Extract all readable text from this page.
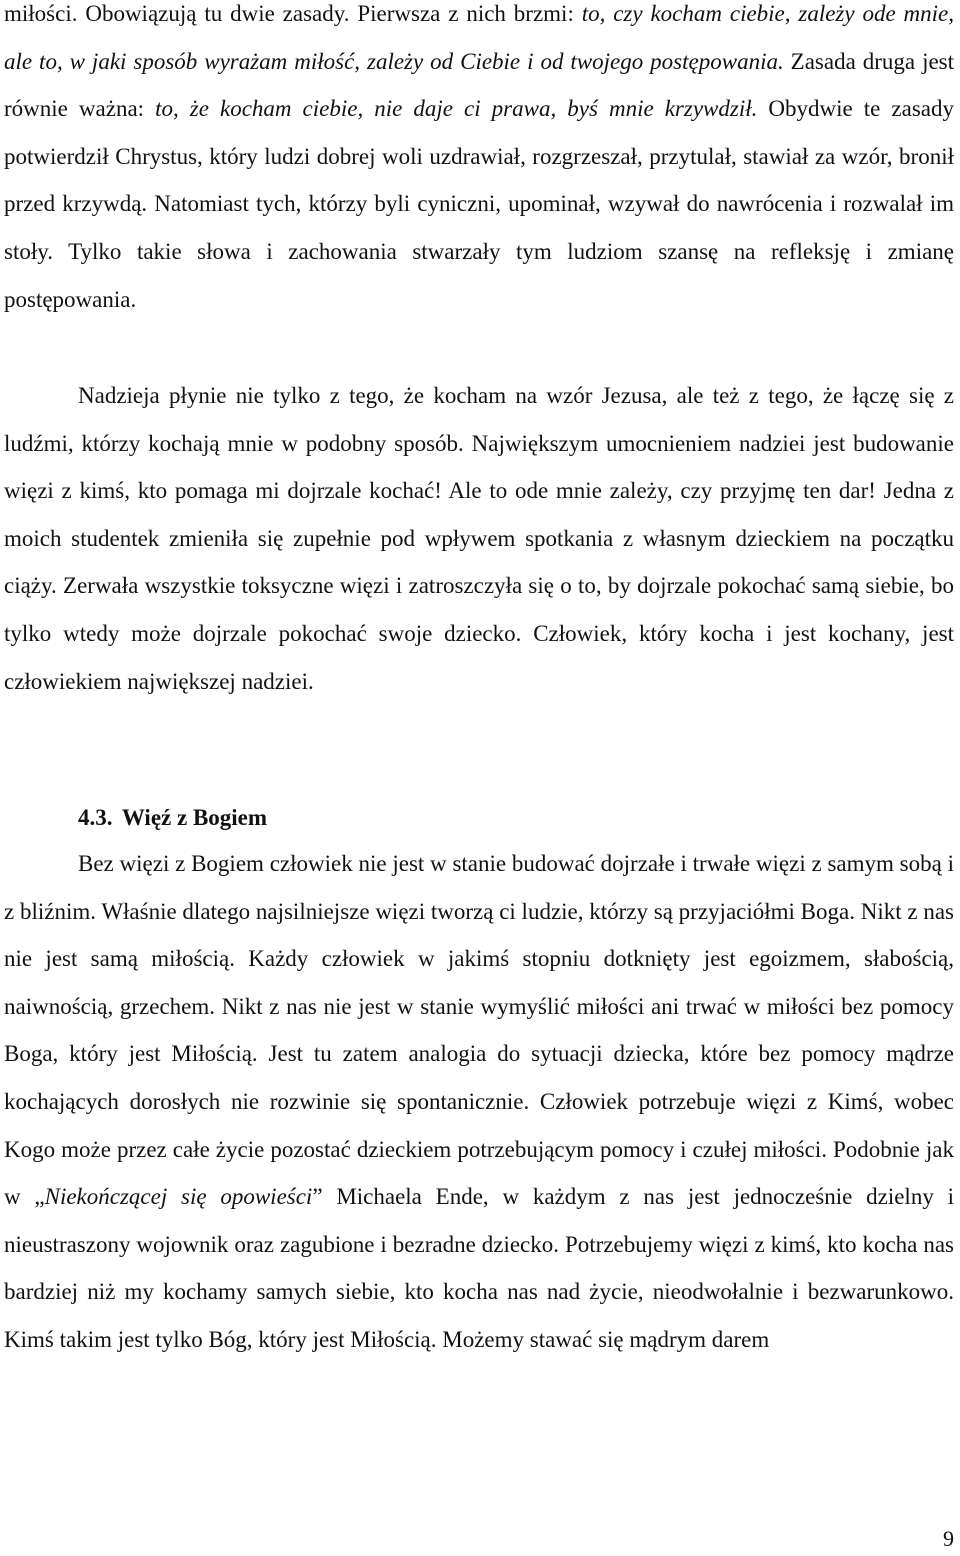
miłości. Obowiązują tu dwie zasady. Pierwsza z nich brzmi: to, czy kocham ciebie, zależy ode mnie, ale to, w jaki sposób wyrażam miłość, zależy od Ciebie i od twojego postępowania. Zasada druga jest równie ważna: to, że kocham ciebie, nie daje ci prawa, byś mnie krzywdził. Obydwie te zasady potwierdził Chrystus, który ludzi dobrej woli uzdrawiał, rozgrzeszał, przytulał, stawiał za wzór, bronił przed krzywdą. Natomiast tych, którzy byli cyniczni, upominał, wzywał do nawrócenia i rozwalał im stoły. Tylko takie słowa i zachowania stwarzały tym ludziom szansę na refleksję i zmianę postępowania.

Nadzieja płynie nie tylko z tego, że kocham na wzór Jezusa, ale też z tego, że łączę się z ludźmi, którzy kochają mnie w podobny sposób. Największym umocnieniem nadziei jest budowanie więzi z kimś, kto pomaga mi dojrzale kochać! Ale to ode mnie zależy, czy przyjmę ten dar! Jedna z moich studentek zmieniła się zupełnie pod wpływem spotkania z własnym dzieckiem na początku ciąży. Zerwała wszystkie toksyczne więzi i zatroszczyła się o to, by dojrzale pokochać samą siebie, bo tylko wtedy może dojrzale pokochać swoje dziecko. Człowiek, który kocha i jest kochany, jest człowiekiem największej nadziei.

4.3. Więź z Bogiem

Bez więzi z Bogiem człowiek nie jest w stanie budować dojrzałe i trwałe więzi z samym sobą i z bliźnim. Właśnie dlatego najsilniejsze więzi tworzą ci ludzie, którzy są przyjaciółmi Boga. Nikt z nas nie jest samą miłością. Każdy człowiek w jakimś stopniu dotknięty jest egoizmem, słabością, naiwnością, grzechem. Nikt z nas nie jest w stanie wymyślić miłości ani trwać w miłości bez pomocy Boga, który jest Miłością. Jest tu zatem analogia do sytuacji dziecka, które bez pomocy mądrze kochających dorosłych nie rozwinie się spontanicznie. Człowiek potrzebuje więzi z Kimś, wobec Kogo może przez całe życie pozostać dzieckiem potrzebującym pomocy i czułej miłości. Podobnie jak w „Niekończącej się opowieści” Michaela Ende, w każdym z nas jest jednocześnie dzielny i nieustraszony wojownik oraz zagubione i bezradne dziecko. Potrzebujemy więzi z kimś, kto kocha nas bardziej niż my kochamy samych siebie, kto kocha nas nad życie, nieodwołalnie i bezwarunkowo. Kimś takim jest tylko Bóg, który jest Miłością. Możemy stawać się mądrym darem

9
